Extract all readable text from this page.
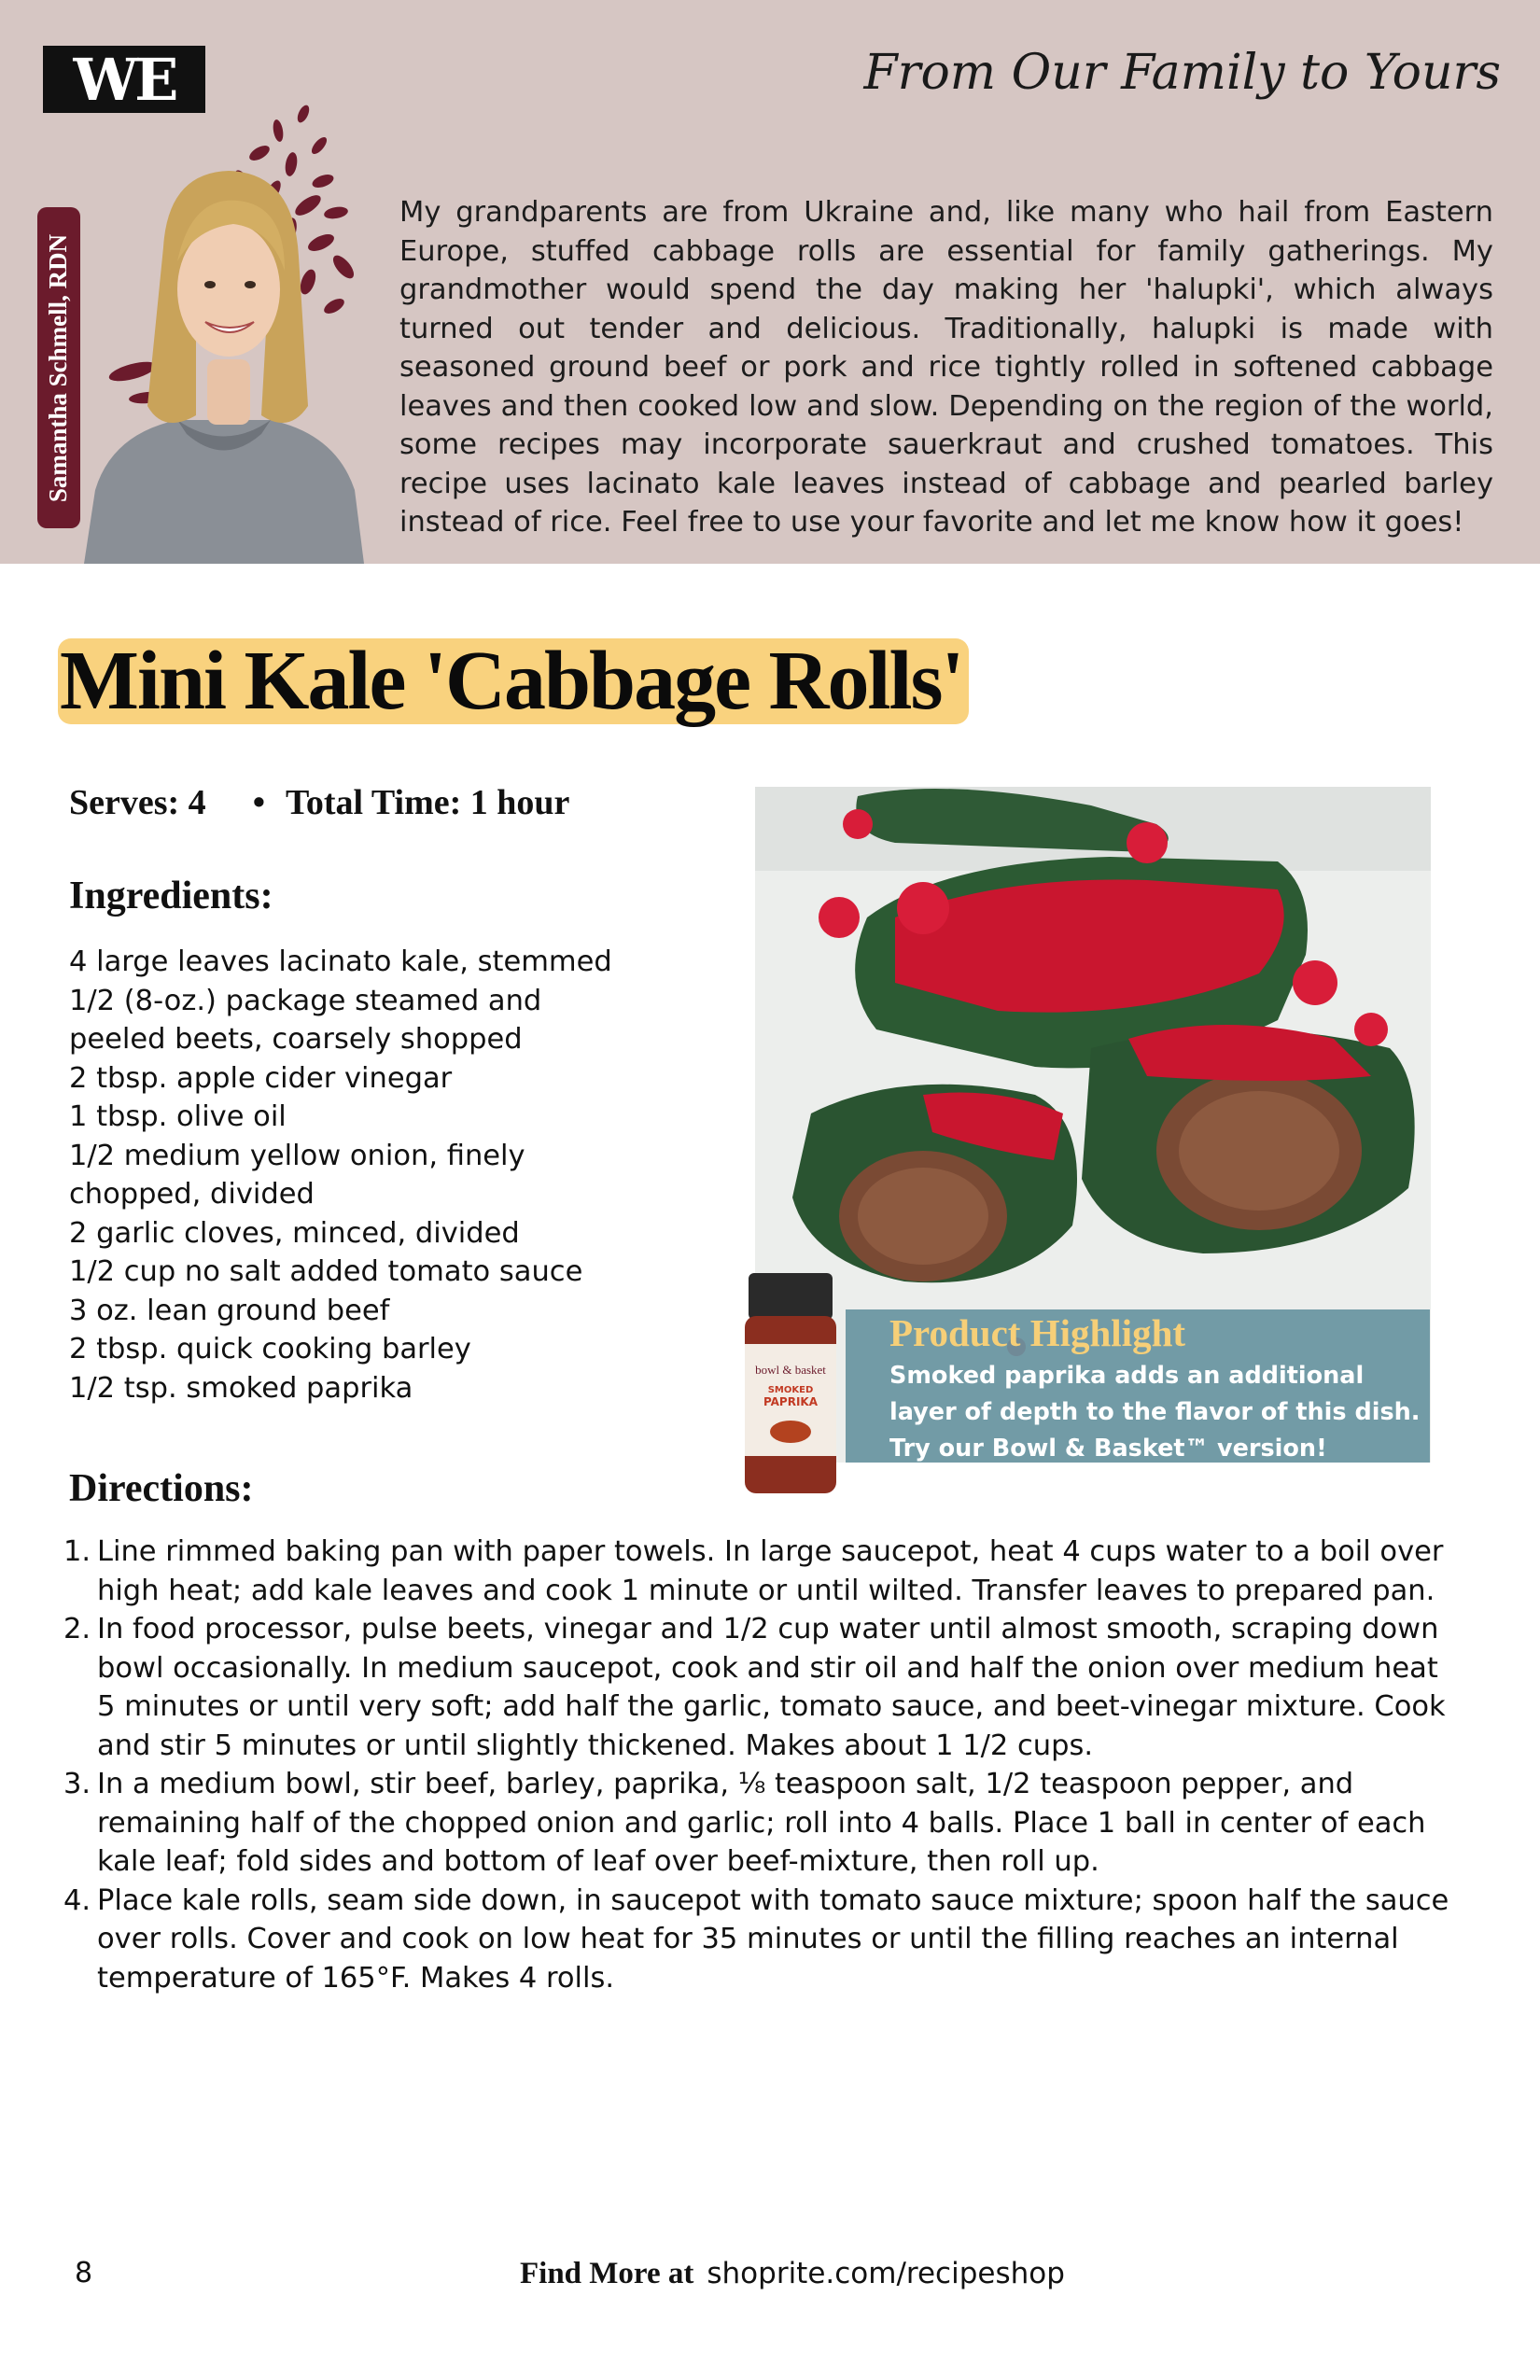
WE	From Our Family to Yours
Samantha Schmell, RDN
My grandparents are from Ukraine and, like many who hail from Eastern Europe, stuffed cabbage rolls are essential for family gatherings. My grandmother would spend the day making her 'halupki', which always turned out tender and delicious. Traditionally, halupki is made with seasoned ground beef or pork and rice tightly rolled in softened cabbage leaves and then cooked low and slow. Depending on the region of the world, some recipes may incorporate sauerkraut and crushed tomatoes. This recipe uses lacinato kale leaves instead of cabbage and pearled barley instead of rice. Feel free to use your favorite and let me know how it goes!
Mini Kale 'Cabbage Rolls'
Serves: 4 • Total Time: 1 hour
Ingredients:
4 large leaves lacinato kale, stemmed
1/2 (8-oz.) package steamed and
peeled beets, coarsely shopped
2 tbsp. apple cider vinegar
1 tbsp. olive oil
1/2 medium yellow onion, finely
chopped, divided
2 garlic cloves, minced, divided
1/2 cup no salt added tomato sauce
3 oz. lean ground beef
2 tbsp. quick cooking barley
1/2 tsp. smoked paprika
bowl & basket
SMOKED
PAPRIKA
Product Highlight
Smoked paprika adds an additional
layer of depth to the flavor of this dish.
Try our Bowl & Basket™ version!
Directions:
1. Line rimmed baking pan with paper towels. In large saucepot, heat 4 cups water to a boil over high heat; add kale leaves and cook 1 minute or until wilted. Transfer leaves to prepared pan.
2. In food processor, pulse beets, vinegar and 1/2 cup water until almost smooth, scraping down bowl occasionally. In medium saucepot, cook and stir oil and half the onion over medium heat 5 minutes or until very soft; add half the garlic, tomato sauce, and beet-vinegar mixture. Cook and stir 5 minutes or until slightly thickened. Makes about 1 1/2 cups.
3. In a medium bowl, stir beef, barley, paprika, ⅛ teaspoon salt, 1/2 teaspoon pepper, and remaining half of the chopped onion and garlic; roll into 4 balls. Place 1 ball in center of each kale leaf; fold sides and bottom of leaf over beef-mixture, then roll up.
4. Place kale rolls, seam side down, in saucepot with tomato sauce mixture; spoon half the sauce over rolls. Cover and cook on low heat for 35 minutes or until the filling reaches an internal temperature of 165°F. Makes 4 rolls.
8	Find More at shoprite.com/recipeshop
